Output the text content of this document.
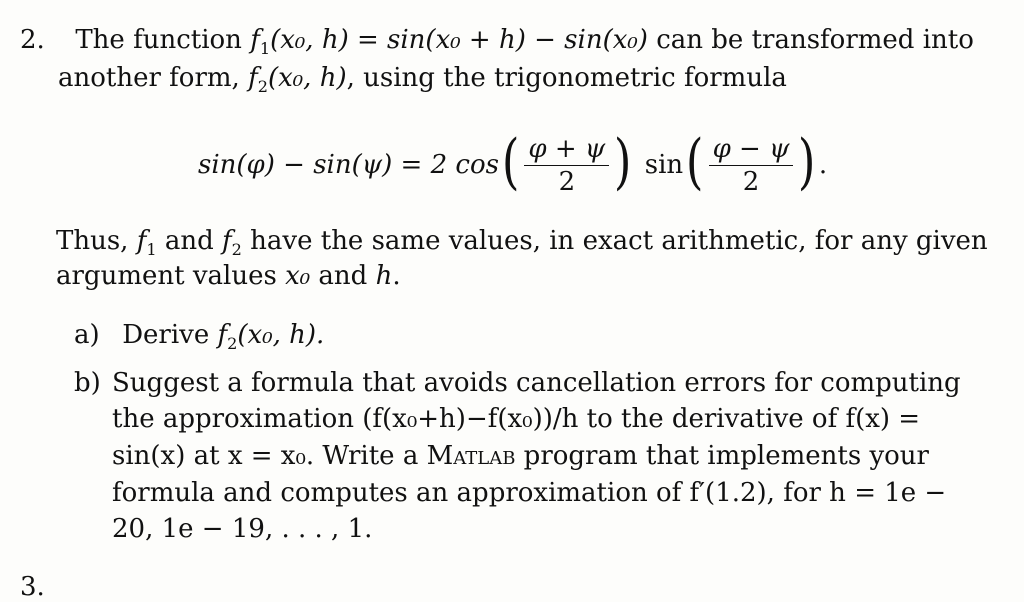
2. The function $f_1(x_0$, h) = sin(x₀ + h) − sin(x₀) can be transformed into
another form, $f_2(x_0$, h), using the trigonometric formula
sin(φ) − sin(ψ) = 2 cos ( $\frac{\varphi + \psi}{2}$ ) sin ( $\frac{\varphi - \psi}{2}$ ) .
Thus, $f_1$ and $f_2$ have the same values, in exact arithmetic, for any given
argument values x₀ and h.
a) Derive $f_2(x_0$, h).
b) Suggest a formula that avoids cancellation errors for computing
the approximation (f(x₀+h)−f(x₀))/h to the derivative of f(x) =
sin(x) at x = x₀. Write a Matlab program that implements your
formula and computes an approximation of f′(1.2), for h = 1e −
20, 1e − 19, . . . , 1.
3.
